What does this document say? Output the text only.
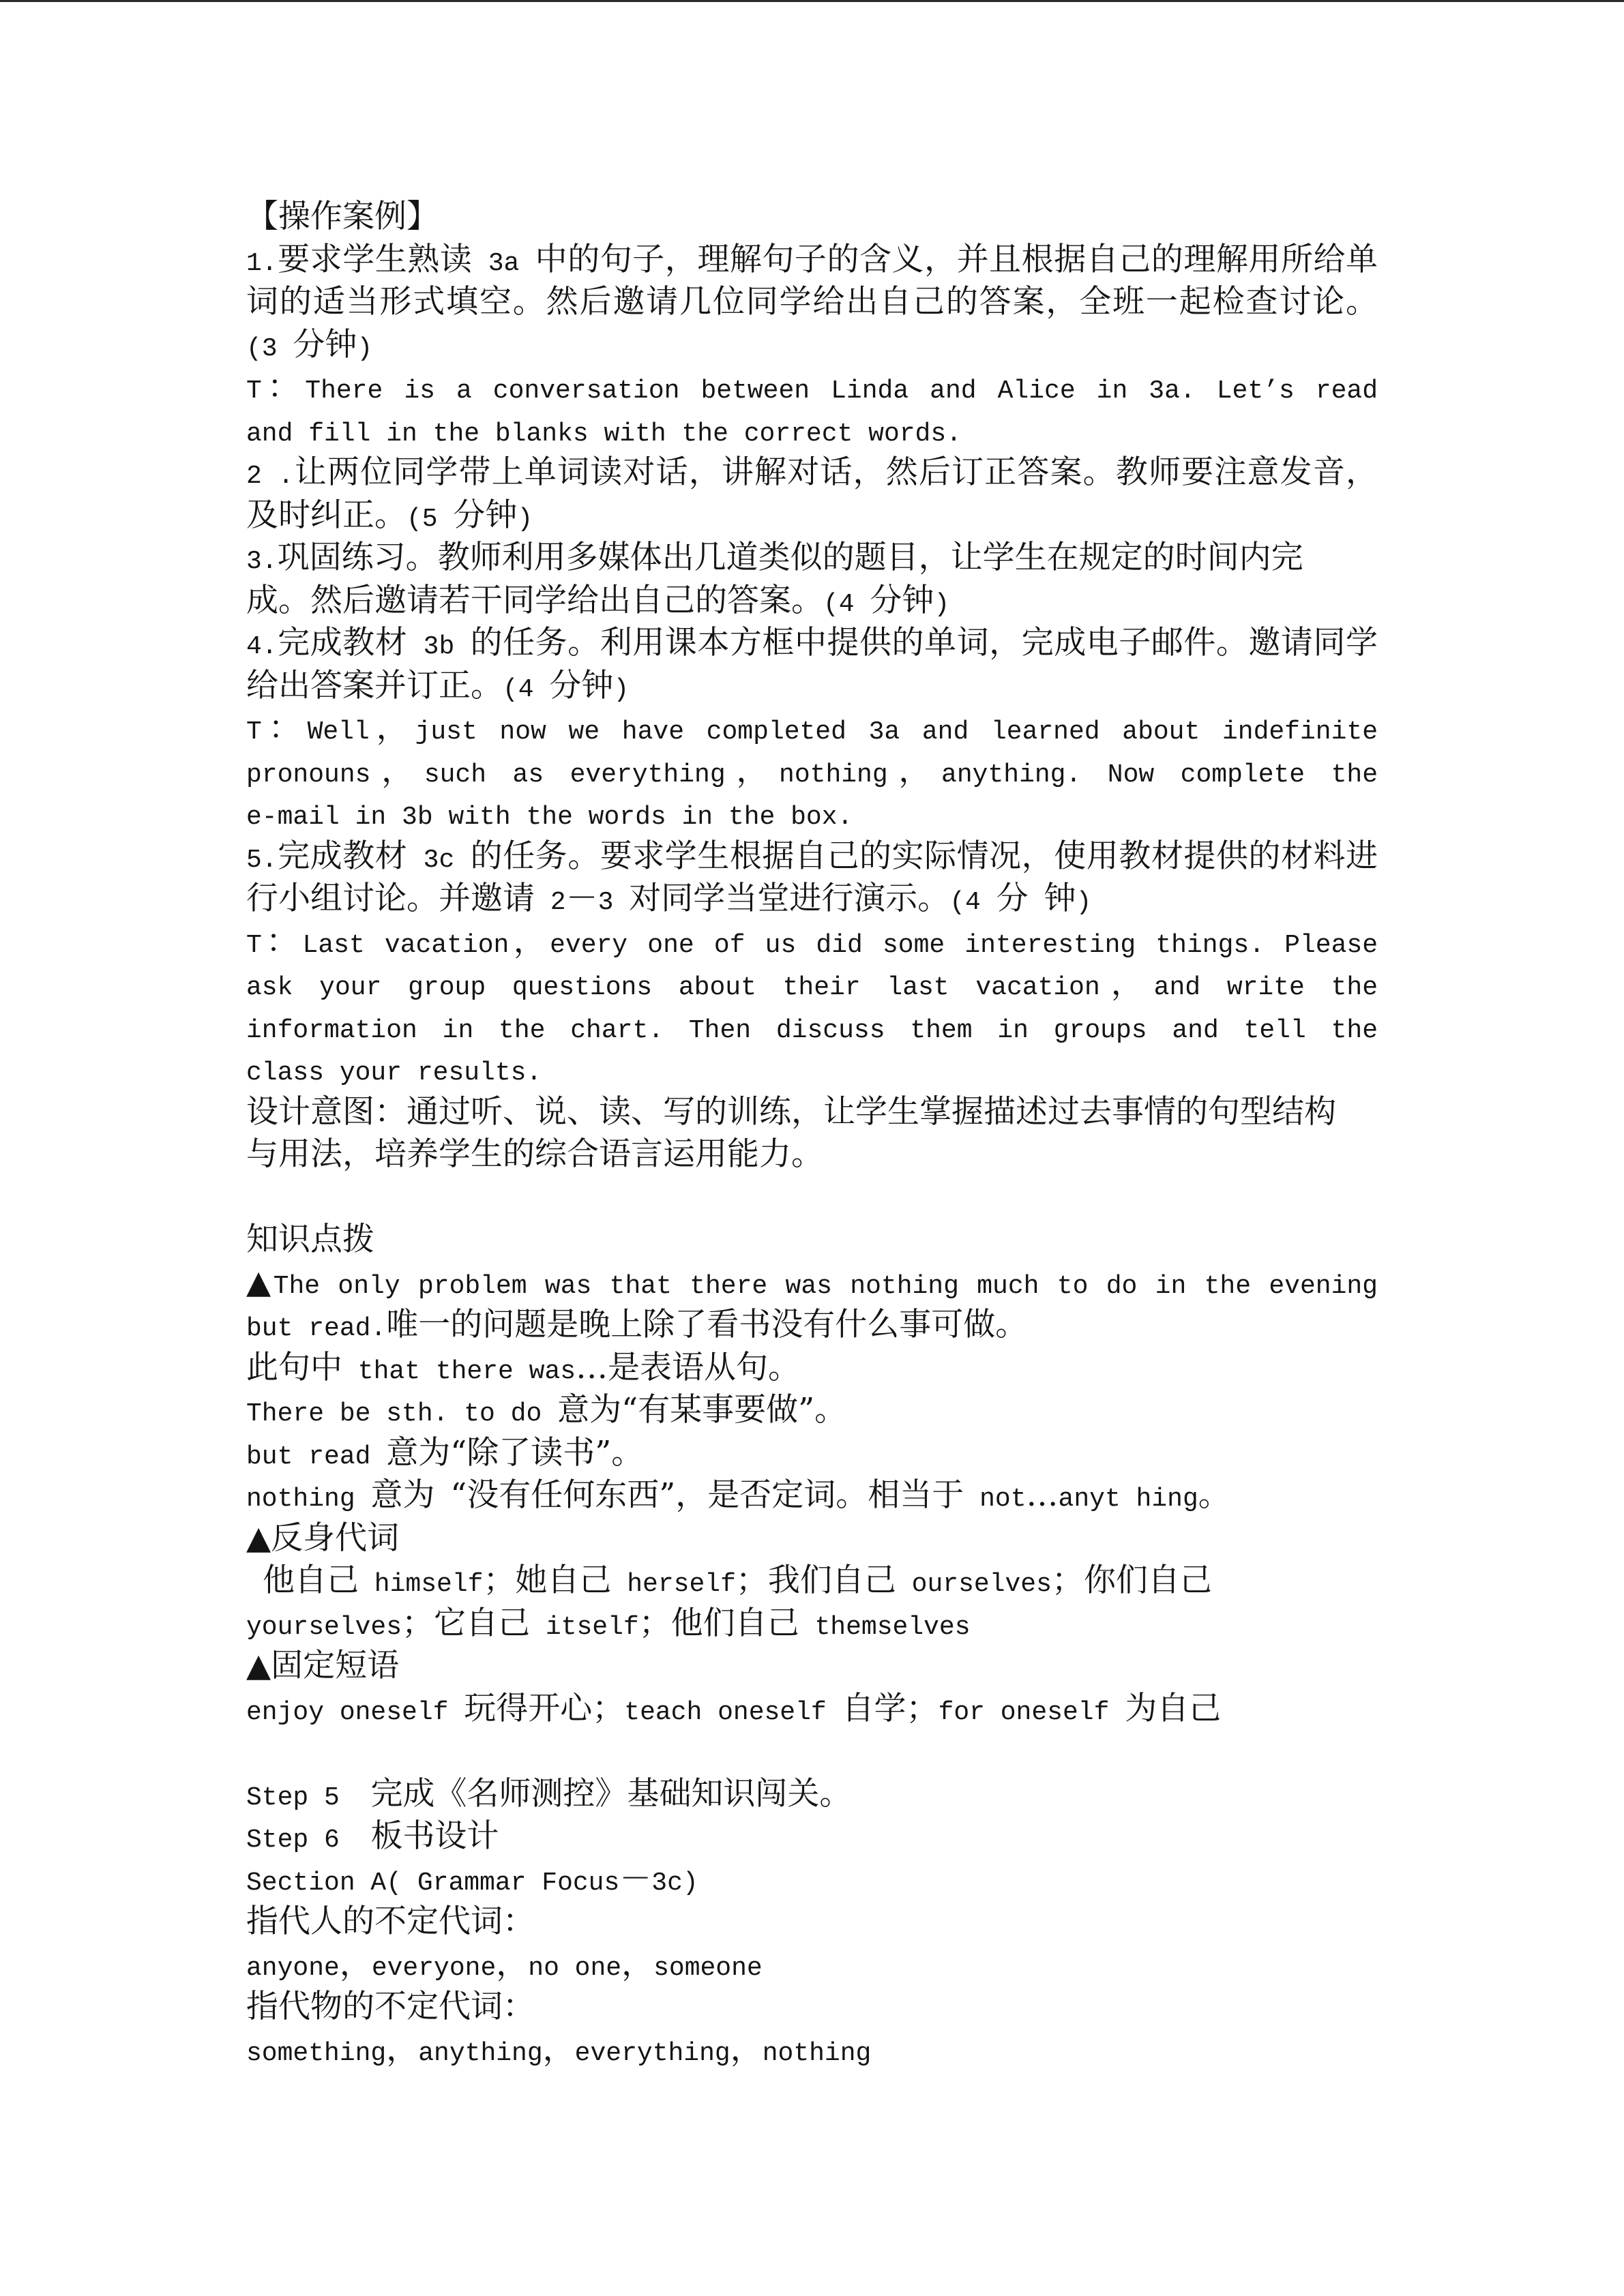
【操作案例】
1.要求学生熟读 3a 中的句子，理解句子的含义，并且根据自己的理解用所给单
词的适当形式填空。然后邀请几位同学给出自己的答案，全班一起检查讨论。
(3 分钟)
T：There is a conversation between Linda and Alice in 3a. Let’s read
and fill in the blanks with the correct words.
2 .让两位同学带上单词读对话，讲解对话，然后订正答案。教师要注意发音，
及时纠正。(5 分钟)
3.巩固练习。教师利用多媒体出几道类似的题目，让学生在规定的时间内完
成。然后邀请若干同学给出自己的答案。(4 分钟)
4.完成教材 3b 的任务。利用课本方框中提供的单词，完成电子邮件。邀请同学
给出答案并订正。(4 分钟)
T：Well，just now we have completed 3a and learned about indefinite
pronouns，such as everything，nothing，anything. Now complete the
e-mail in 3b with the words in the box.
5.完成教材 3c 的任务。要求学生根据自己的实际情况，使用教材提供的材料进
行小组讨论。并邀请 2－3 对同学当堂进行演示。(4 分 钟)
T：Last vacation，every one of us did some interesting things. Please
ask your group questions about their last vacation，and write the
information in the chart. Then discuss them in groups and tell the
class your results.
设计意图：通过听、说、读、写的训练，让学生掌握描述过去事情的句型结构
与用法，培养学生的综合语言运用能力。
知识点拨
▲The only problem was that there was nothing much to do in the evening
but read.唯一的问题是晚上除了看书没有什么事可做。
此句中 that there was…是表语从句。
There be sth. to do 意为“有某事要做”。
but read 意为“除了读书”。
nothing 意为 “没有任何东西”，是否定词。相当于 not…anyt hing。
▲反身代词
他自己 himself；她自己 herself；我们自己 ourselves；你们自己
yourselves；它自己 itself；他们自己 themselves
▲固定短语
enjoy oneself 玩得开心；teach oneself 自学；for oneself 为自己
Step 5  完成《名师测控》基础知识闯关。
Step 6  板书设计
Section A( Grammar Focus－3c)
指代人的不定代词：
anyone，everyone，no one，someone
指代物的不定代词：
something，anything，everything，nothing
